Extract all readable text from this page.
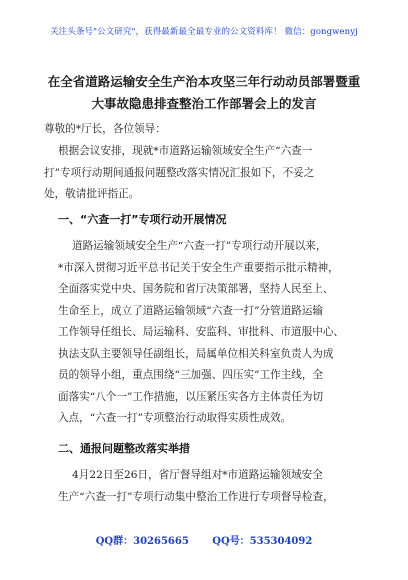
关注头条号"公文研究"，获得最新最全最专业的公文资料库！ 微信：gongwenyj
在全省道路运输安全生产治本攻坚三年行动动员部署暨重
大事故隐患排查整治工作部署会上的发言
尊敬的*厅长，各位领导：
根据会议安排，现就*市道路运输领域安全生产“六查一
打”专项行动期间通报问题整改落实情况汇报如下，不妥之
处，敬请批评指正。
一、“六查一打”专项行动开展情况
道路运输领域安全生产“六查一打”专项行动开展以来，
*市深入贯彻习近平总书记关于安全生产重要指示批示精神，
全面落实党中央、国务院和省厅决策部署，坚持人民至上、
生命至上，成立了道路运输领域“六查一打”分管道路运输
工作领导任组长、局运输科、安监科、审批科、市道服中心、
执法支队主要领导任副组长，局属单位相关科室负责人为成
员的领导小组，重点围绕“三加强、四压实”工作主线，全
面落实“八个一”工作措施，以压紧压实各方主体责任为切
入点，“六查一打”专项整治行动取得实质性成效。
二、通报问题整改落实举措
4月22日至26日，省厅督导组对*市道路运输领域安全
生产“六查一打”专项行动集中整治工作进行专项督导检查，
QQ群：30265665 QQ号：535304092
